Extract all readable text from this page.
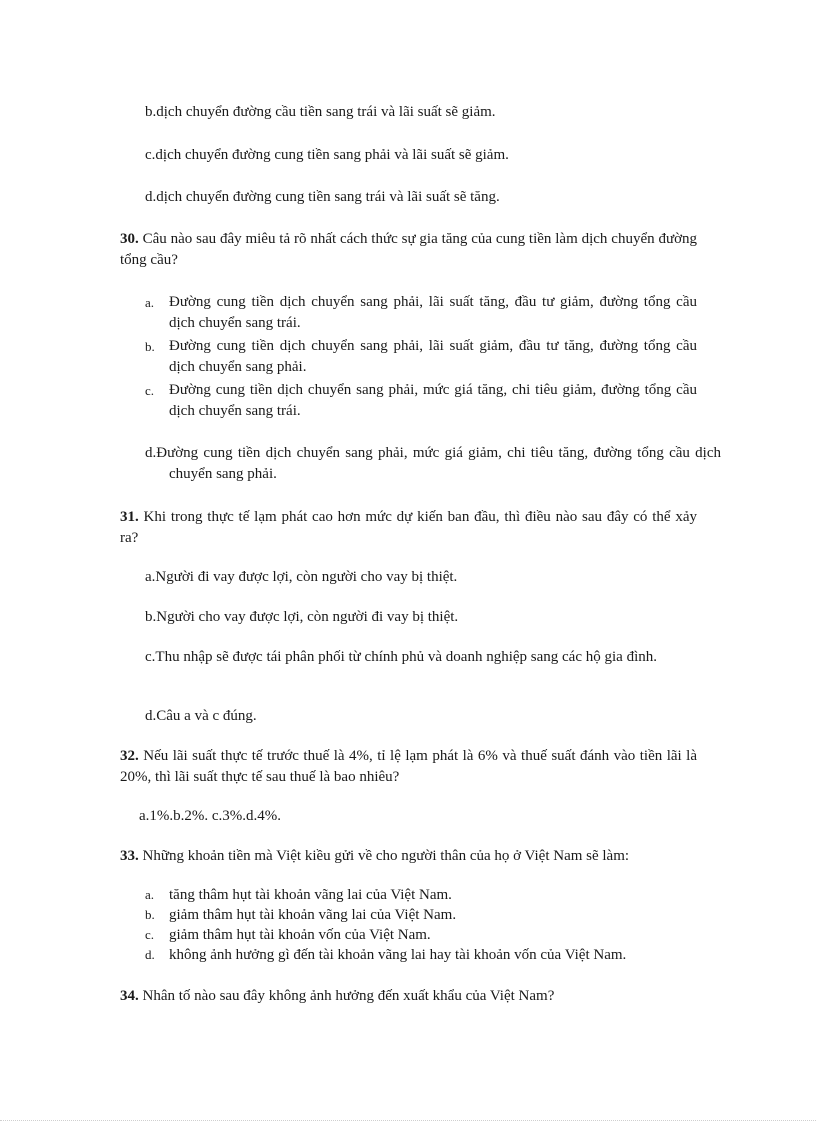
b.dịch chuyển đường cầu tiền sang trái và lãi suất sẽ giảm.

c.dịch chuyển đường cung tiền sang phải và lãi suất sẽ giảm.

d.dịch chuyển đường cung tiền sang trái và lãi suất sẽ tăng.

30. Câu nào sau đây miêu tả rõ nhất cách thức sự gia tăng của cung tiền làm dịch chuyển đường tổng cầu?

a. Đường cung tiền dịch chuyển sang phải, lãi suất tăng, đầu tư giảm, đường tổng cầu dịch chuyển sang trái.
b. Đường cung tiền dịch chuyển sang phải, lãi suất giảm, đầu tư tăng, đường tổng cầu dịch chuyển sang phải.
c. Đường cung tiền dịch chuyển sang phải, mức giá tăng, chi tiêu giảm, đường tổng cầu dịch chuyển sang trái.

d.Đường cung tiền dịch chuyển sang phải, mức giá giảm, chi tiêu tăng, đường tổng cầu dịch chuyển sang phải.

31. Khi trong thực tế lạm phát cao hơn mức dự kiến ban đầu, thì điều nào sau đây có thể xảy ra?

a.Người đi vay được lợi, còn người cho vay bị thiệt.

b.Người cho vay được lợi, còn người đi vay bị thiệt.

c.Thu nhập sẽ được tái phân phối từ chính phủ và doanh nghiệp sang các hộ gia đình.

d.Câu a và c đúng.

32. Nếu lãi suất thực tế trước thuế là 4%, tỉ lệ lạm phát là 6% và thuế suất đánh vào tiền lãi là 20%, thì lãi suất thực tế sau thuế là bao nhiêu?

a.1%.b.2%. c.3%.d.4%.

33. Những khoản tiền mà Việt kiều gửi về cho người thân của họ ở Việt Nam sẽ làm:

a. tăng thâm hụt tài khoản vãng lai của Việt Nam.
b. giảm thâm hụt tài khoản vãng lai của Việt Nam.
c. giảm thâm hụt tài khoản vốn của Việt Nam.
d. không ảnh hưởng gì đến tài khoản vãng lai hay tài khoản vốn của Việt Nam.

34. Nhân tố nào sau đây không ảnh hưởng đến xuất khẩu của Việt Nam?
